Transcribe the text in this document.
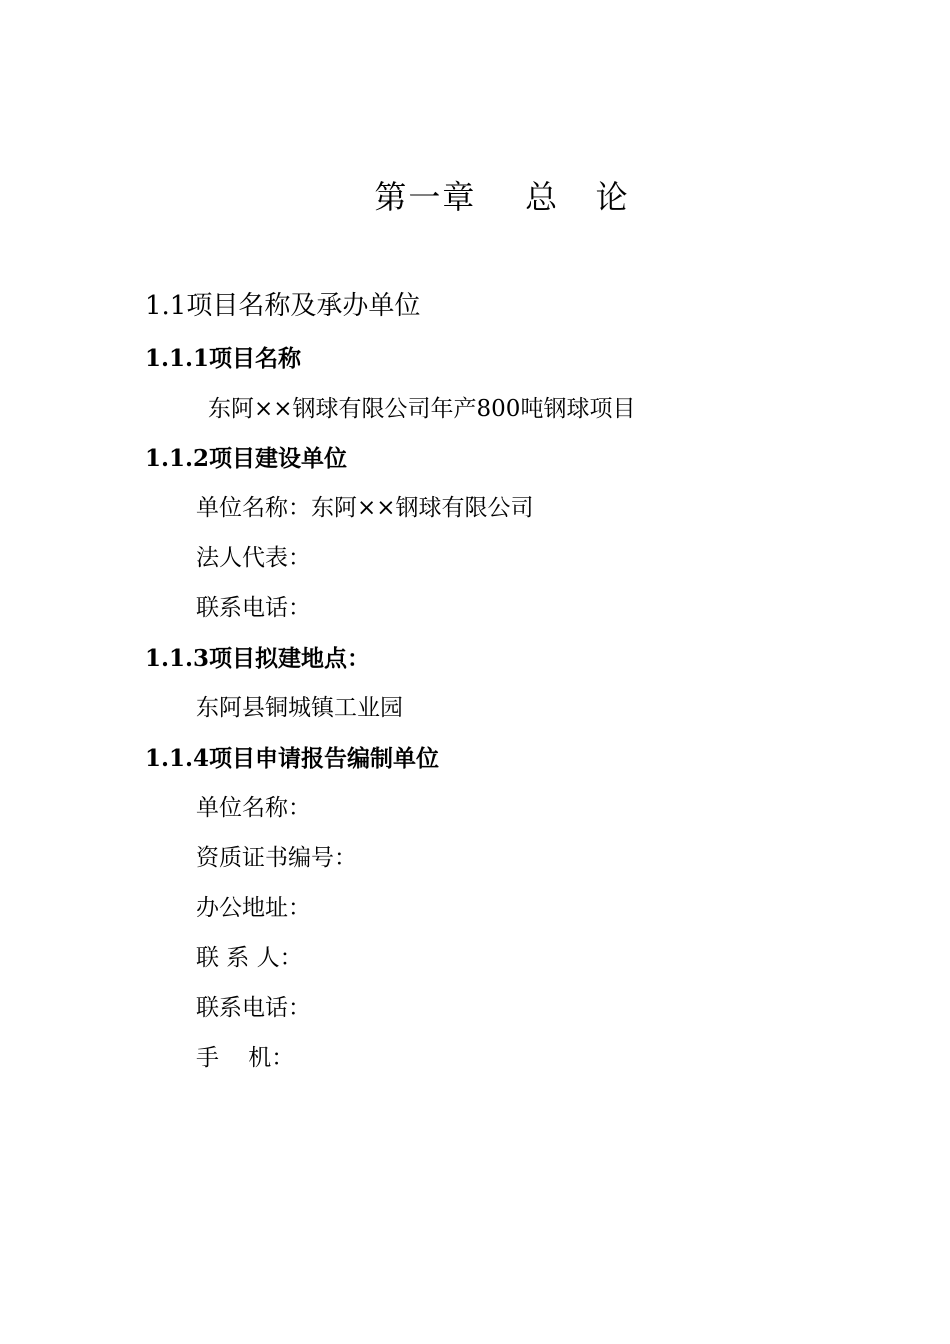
第一章    总   论
1.1项目名称及承办单位
1.1.1项目名称
东阿××钢球有限公司年产800吨钢球项目
1.1.2项目建设单位
单位名称：东阿××钢球有限公司
法人代表：
联系电话：
1.1.3项目拟建地点：
东阿县铜城镇工业园
1.1.4项目申请报告编制单位
单位名称：
资质证书编号：
办公地址：
联 系 人：
联系电话：
手    机：
